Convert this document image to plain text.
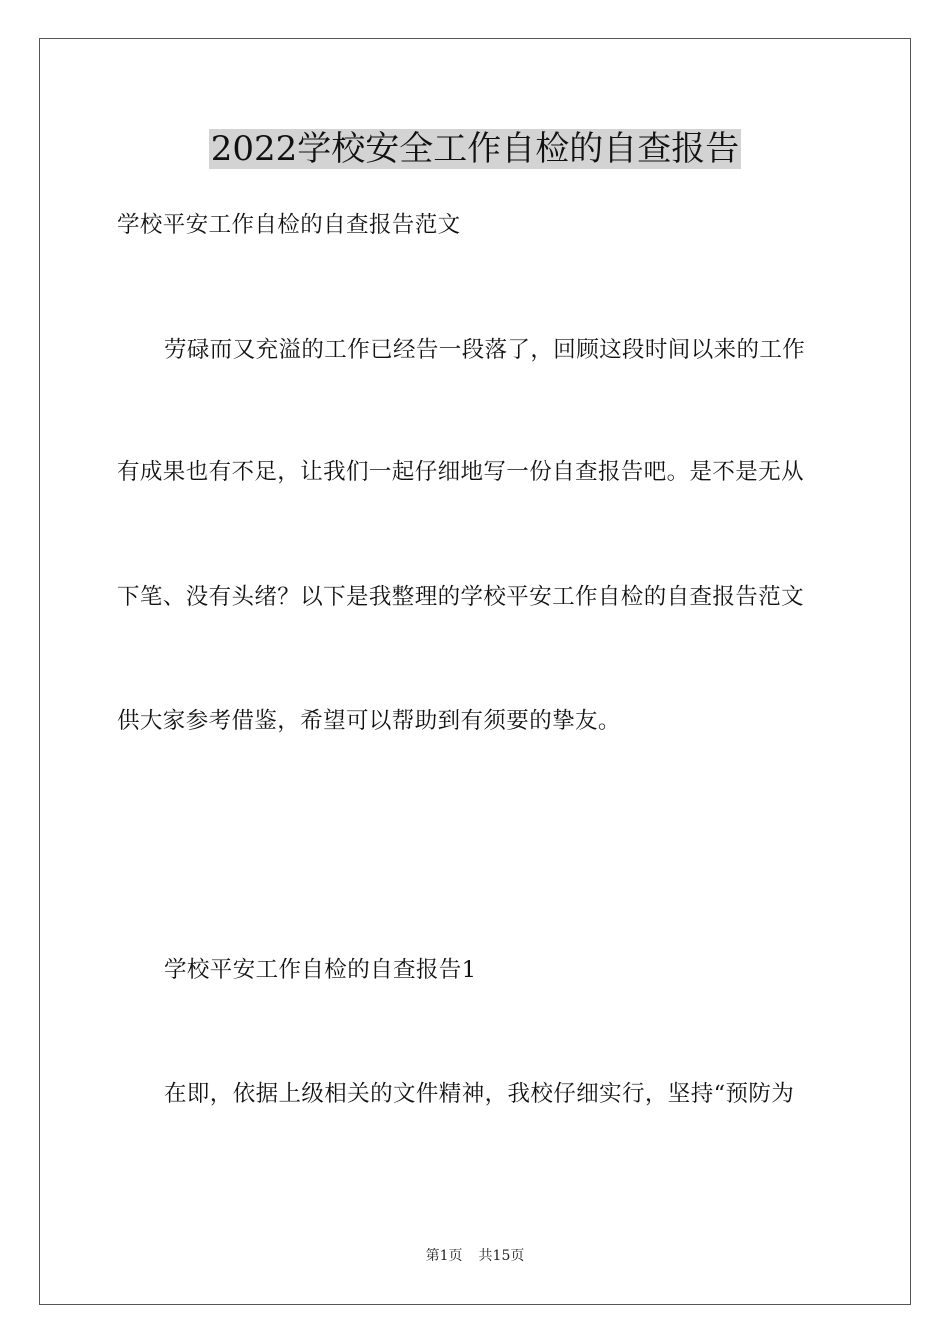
2022学校安全工作自检的自查报告

学校平安工作自检的自查报告范文

劳碌而又充溢的工作已经告一段落了，回顾这段时间以来的工作

有成果也有不足，让我们一起仔细地写一份自查报告吧。是不是无从

下笔、没有头绪？以下是我整理的学校平安工作自检的自查报告范文

供大家参考借鉴，希望可以帮助到有须要的挚友。

学校平安工作自检的自查报告1

在即，依据上级相关的文件精神，我校仔细实行，坚持“预防为

第1页 共15页
